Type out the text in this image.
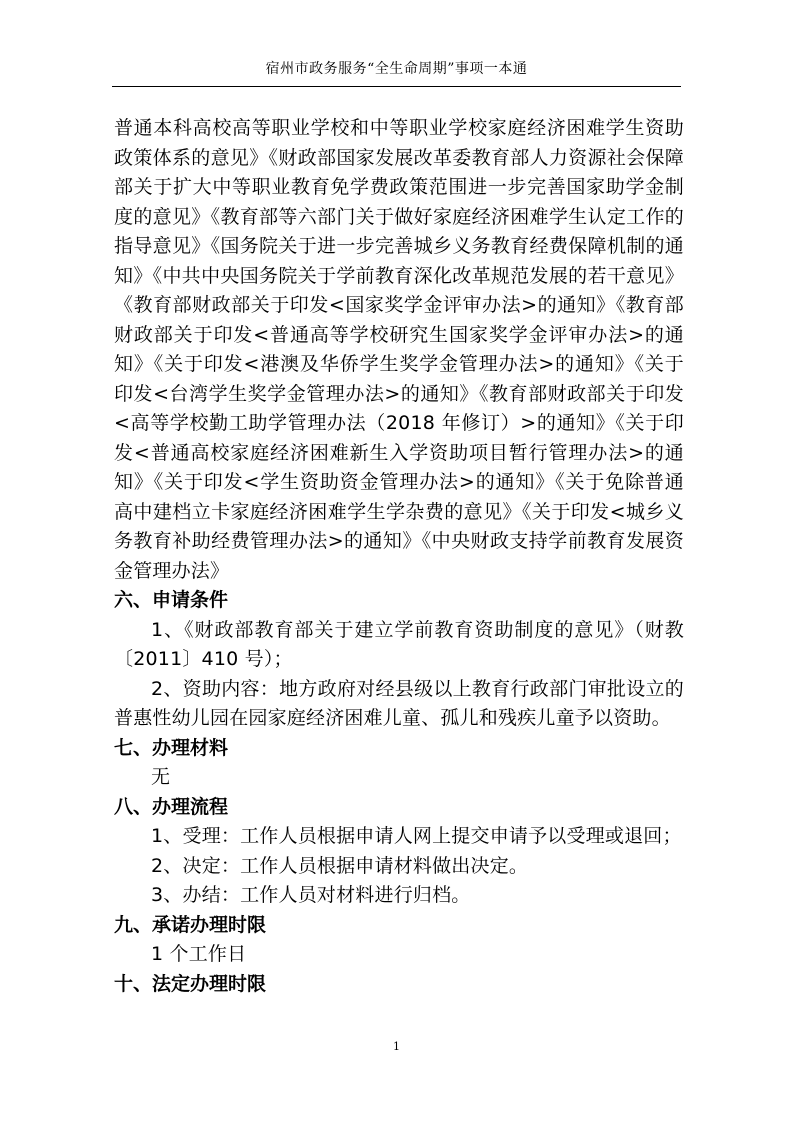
宿州市政务服务“全生命周期”事项一本通

普通本科高校高等职业学校和中等职业学校家庭经济困难学生资助政策体系的意见》《财政部国家发展改革委教育部人力资源社会保障部关于扩大中等职业教育免学费政策范围进一步完善国家助学金制度的意见》《教育部等六部门关于做好家庭经济困难学生认定工作的指导意见》《国务院关于进一步完善城乡义务教育经费保障机制的通知》《中共中央国务院关于学前教育深化改革规范发展的若干意见》《教育部财政部关于印发<国家奖学金评审办法>的通知》《教育部财政部关于印发<普通高等学校研究生国家奖学金评审办法>的通知》《关于印发<港澳及华侨学生奖学金管理办法>的通知》《关于印发<台湾学生奖学金管理办法>的通知》《教育部财政部关于印发<高等学校勤工助学管理办法（2018 年修订）>的通知》《关于印发<普通高校家庭经济困难新生入学资助项目暂行管理办法>的通知》《关于印发<学生资助资金管理办法>的通知》《关于免除普通高中建档立卡家庭经济困难学生学杂费的意见》《关于印发<城乡义务教育补助经费管理办法>的通知》《中央财政支持学前教育发展资金管理办法》

六、申请条件

1、《财政部教育部关于建立学前教育资助制度的意见》（财教〔2011〕410 号）；

2、资助内容：地方政府对经县级以上教育行政部门审批设立的普惠性幼儿园在园家庭经济困难儿童、孤儿和残疾儿童予以资助。

七、办理材料

无

八、办理流程

1、受理：工作人员根据申请人网上提交申请予以受理或退回；

2、决定：工作人员根据申请材料做出决定。

3、办结：工作人员对材料进行归档。

九、承诺办理时限

1 个工作日

十、法定办理时限

1
